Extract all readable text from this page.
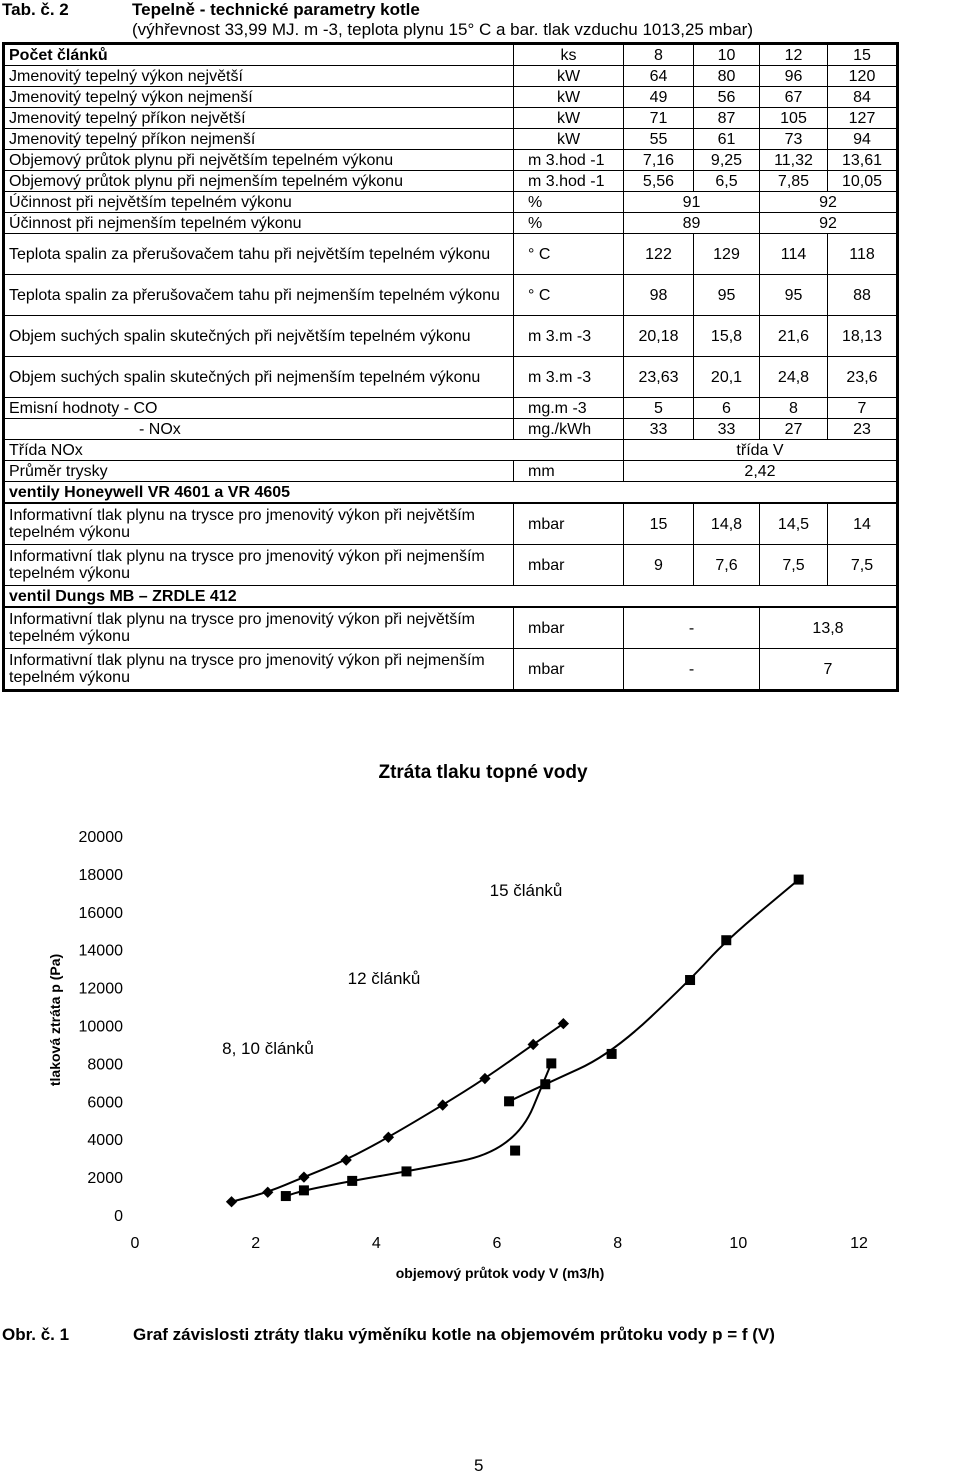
Tab. č. 2	Tepelně - technické parametry kotle
(výhřevnost 33,99 MJ. m -3, teplota plynu 15° C a bar. tlak vzduchu 1013,25 mbar)
Počet článků	ks	8	10	12	15
Jmenovitý tepelný výkon největší	kW	64	80	96	120
Jmenovitý tepelný výkon nejmenší	kW	49	56	67	84
Jmenovitý tepelný příkon největší	kW	71	87	105	127
Jmenovitý tepelný příkon nejmenší	kW	55	61	73	94
Objemový průtok plynu při největším tepelném výkonu	m 3.hod -1	7,16	9,25	11,32	13,61
Objemový průtok plynu při nejmenším tepelném výkonu	m 3.hod -1	5,56	6,5	7,85	10,05
Účinnost při největším tepelném výkonu	%	91		92	
Účinnost při nejmenším tepelném výkonu	%	89		92	
Teplota spalin za přerušovačem tahu při největším tepelném výkonu	° C	122	129	114	118
Teplota spalin za přerušovačem tahu při nejmenším tepelném výkonu	° C	98	95	95	88
Objem suchých spalin skutečných při největším tepelném výkonu	m 3.m -3	20,18	15,8	21,6	18,13
Objem suchých spalin skutečných při nejmenším tepelném výkonu	m 3.m -3	23,63	20,1	24,8	23,6
Emisní hodnoty - CO	mg.m -3	5	6	8	7
- NOx	mg./kWh	33	33	27	23
Třída NOx		třída V			
Průměr trysky	mm	2,42			
ventily Honeywell VR 4601 a VR 4605					
Informativní tlak plynu na trysce pro jmenovitý výkon při největším tepelném výkonu	mbar	15	14,8	14,5	14
Informativní tlak plynu na trysce pro jmenovitý výkon při nejmenším tepelném výkonu	mbar	9	7,6	7,5	7,5
ventil Dungs MB – ZRDLE 412					
Informativní tlak plynu na trysce pro jmenovitý výkon při největším tepelném výkonu	mbar	-		13,8	
Informativní tlak plynu na trysce pro jmenovitý výkon při nejmenším tepelném výkonu	mbar	-		7	
Ztráta tlaku topné vody
0
2000
4000
6000
8000
10000
12000
14000
16000
18000
20000
0	2	4	6	8	10	12
tlaková ztráta p (Pa)
objemový průtok vody V (m3/h)
8, 10 článků
12 článků
15 článků
Obr. č. 1	Graf závislosti ztráty tlaku výměníku kotle na objemovém průtoku vody p = f (V)
5
